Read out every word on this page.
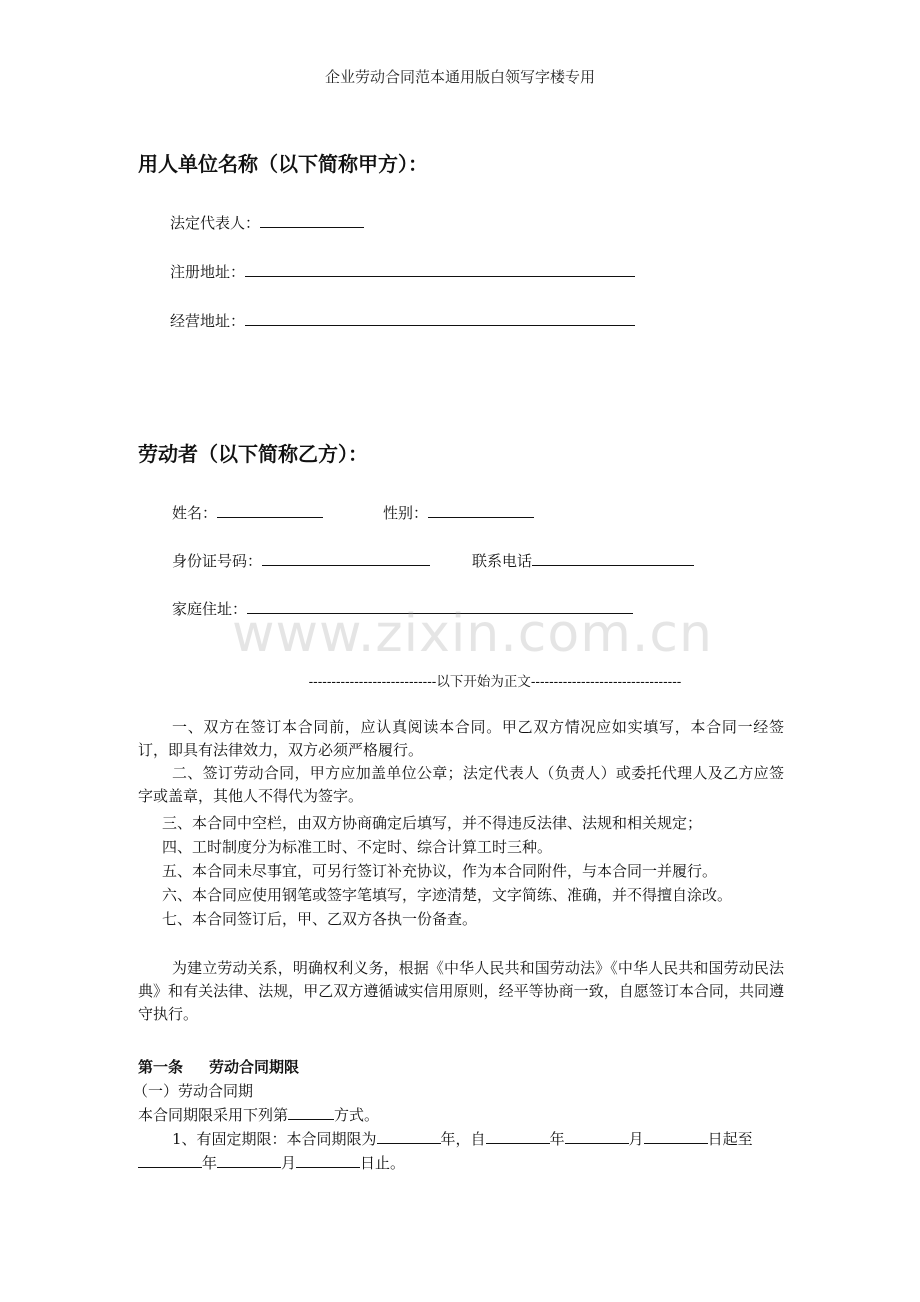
企业劳动合同范本通用版白领写字楼专用
用人单位名称（以下简称甲方）：
法定代表人：
注册地址：
经营地址：
劳动者（以下简称乙方）：
姓名：	性别：
身份证号码：	联系电话
家庭住址：
www.zixin.com.cn
----------------------------以下开始为正文---------------------------------
一、双方在签订本合同前，应认真阅读本合同。甲乙双方情况应如实填写，本合同一经签订，即具有法律效力，双方必须严格履行。
二、签订劳动合同，甲方应加盖单位公章；法定代表人（负责人）或委托代理人及乙方应签字或盖章，其他人不得代为签字。
三、本合同中空栏，由双方协商确定后填写，并不得违反法律、法规和相关规定；
四、工时制度分为标准工时、不定时、综合计算工时三种。
五、本合同未尽事宜，可另行签订补充协议，作为本合同附件，与本合同一并履行。
六、本合同应使用钢笔或签字笔填写，字迹清楚，文字简练、准确，并不得擅自涂改。
七、本合同签订后，甲、乙双方各执一份备查。
为建立劳动关系，明确权利义务，根据《中华人民共和国劳动法》《中华人民共和国劳动民法典》和有关法律、法规，甲乙双方遵循诚实信用原则，经平等协商一致，自愿签订本合同，共同遵守执行。
第一条 劳动合同期限
（一）劳动合同期
本合同期限采用下列第	方式。
1、有固定期限：本合同期限为	年，自	年	月	日起至
年	月	日止。
